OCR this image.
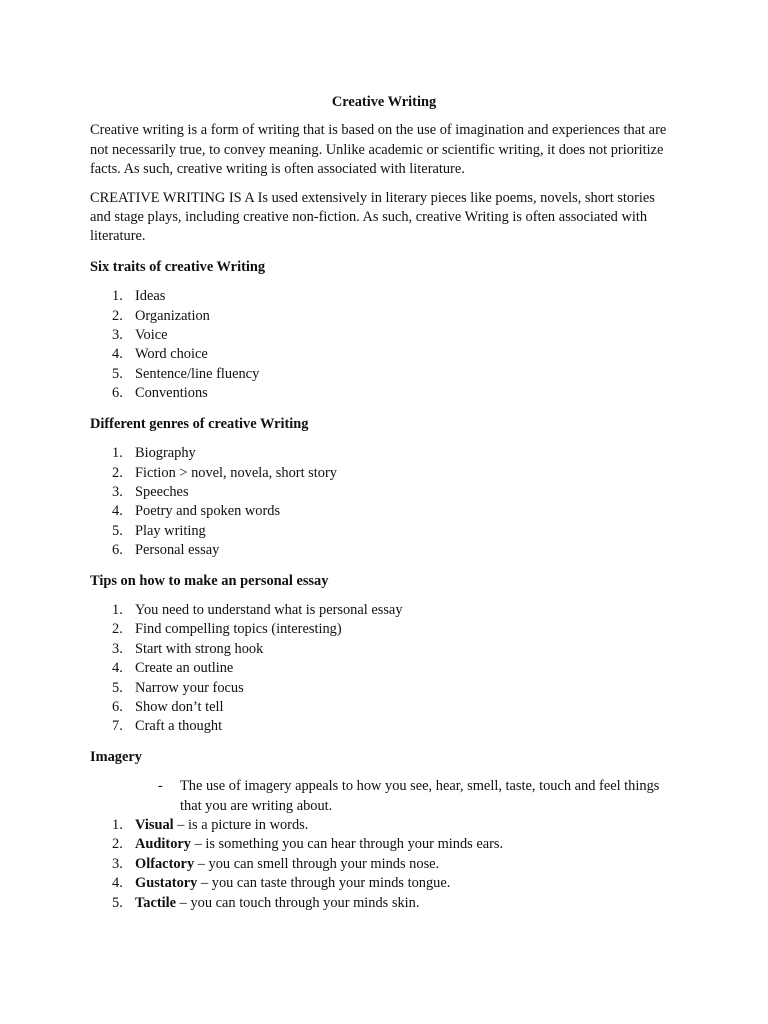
Creative Writing

Creative writing is a form of writing that is based on the use of imagination and experiences that are not necessarily true, to convey meaning. Unlike academic or scientific writing, it does not prioritize facts. As such, creative writing is often associated with literature.

CREATIVE WRITING IS A Is used extensively in literary pieces like poems, novels, short stories and stage plays, including creative non-fiction. As such, creative Writing is often associated with literature.

Six traits of creative Writing
1. Ideas
2. Organization
3. Voice
4. Word choice
5. Sentence/line fluency
6. Conventions
Different genres of creative Writing
1. Biography
2. Fiction > novel, novela, short story
3. Speeches
4. Poetry and spoken words
5. Play writing
6. Personal essay
Tips on how to make an personal essay
1. You need to understand what is personal essay
2. Find compelling topics (interesting)
3. Start with strong hook
4. Create an outline
5. Narrow your focus
6. Show don’t tell
7. Craft a thought
Imagery
- The use of imagery appeals to how you see, hear, smell, taste, touch and feel things that you are writing about.
1. Visual – is a picture in words.
2. Auditory – is something you can hear through your minds ears.
3. Olfactory – you can smell through your minds nose.
4. Gustatory – you can taste through your minds tongue.
5. Tactile – you can touch through your minds skin.
